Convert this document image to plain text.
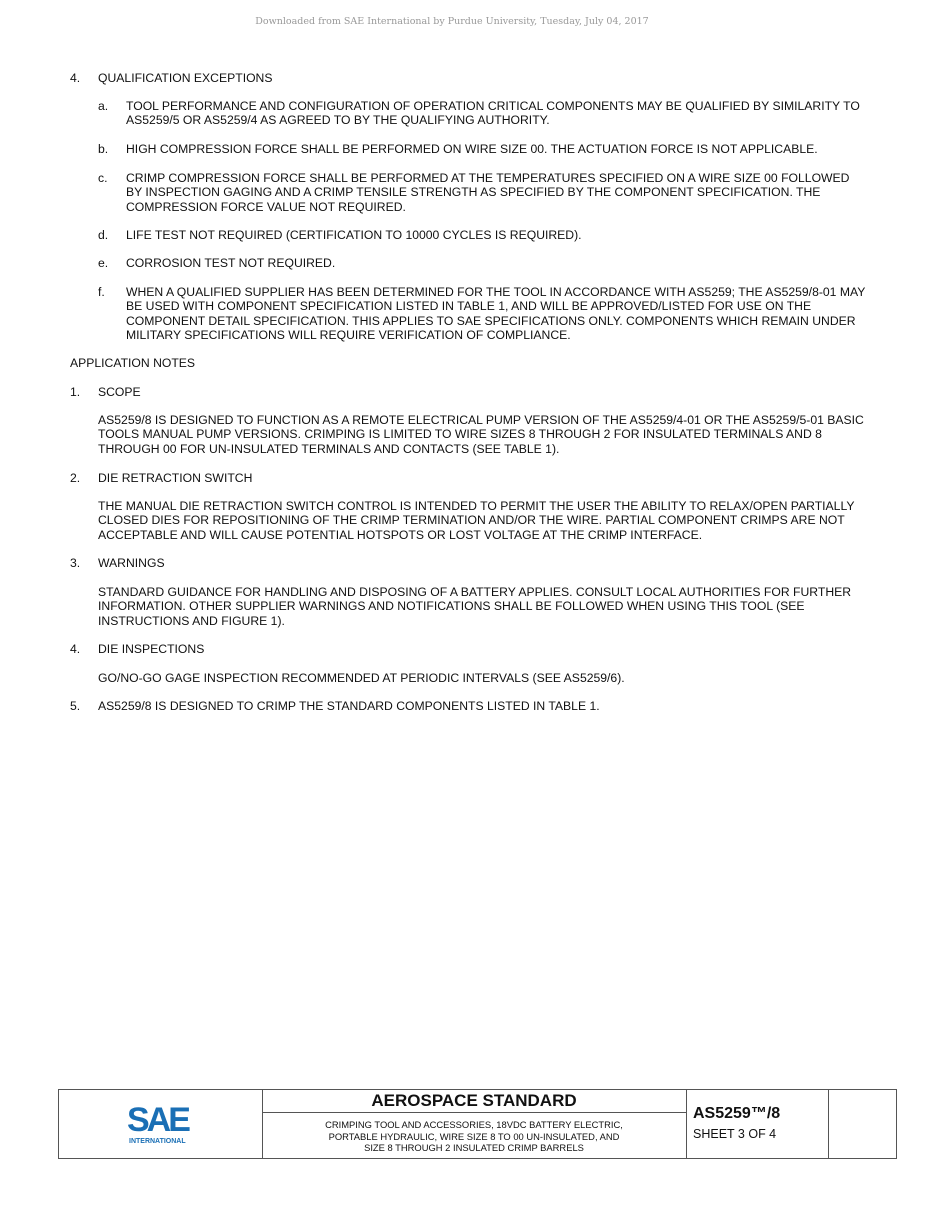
Downloaded from SAE International by Purdue University, Tuesday, July 04, 2017
4. QUALIFICATION EXCEPTIONS
a. TOOL PERFORMANCE AND CONFIGURATION OF OPERATION CRITICAL COMPONENTS MAY BE QUALIFIED BY SIMILARITY TO
AS5259/5 OR AS5259/4 AS AGREED TO BY THE QUALIFYING AUTHORITY.
b. HIGH COMPRESSION FORCE SHALL BE PERFORMED ON WIRE SIZE 00. THE ACTUATION FORCE IS NOT APPLICABLE.
c. CRIMP COMPRESSION FORCE SHALL BE PERFORMED AT THE TEMPERATURES SPECIFIED ON A WIRE SIZE 00 FOLLOWED
BY INSPECTION GAGING AND A CRIMP TENSILE STRENGTH AS SPECIFIED BY THE COMPONENT SPECIFICATION. THE
COMPRESSION FORCE VALUE NOT REQUIRED.
d. LIFE TEST NOT REQUIRED (CERTIFICATION TO 10000 CYCLES IS REQUIRED).
e. CORROSION TEST NOT REQUIRED.
f. WHEN A QUALIFIED SUPPLIER HAS BEEN DETERMINED FOR THE TOOL IN ACCORDANCE WITH AS5259; THE AS5259/8-01 MAY
BE USED WITH COMPONENT SPECIFICATION LISTED IN TABLE 1, AND WILL BE APPROVED/LISTED FOR USE ON THE
COMPONENT DETAIL SPECIFICATION. THIS APPLIES TO SAE SPECIFICATIONS ONLY. COMPONENTS WHICH REMAIN UNDER
MILITARY SPECIFICATIONS WILL REQUIRE VERIFICATION OF COMPLIANCE.
APPLICATION NOTES
1. SCOPE
AS5259/8 IS DESIGNED TO FUNCTION AS A REMOTE ELECTRICAL PUMP VERSION OF THE AS5259/4-01 OR THE AS5259/5-01 BASIC
TOOLS MANUAL PUMP VERSIONS. CRIMPING IS LIMITED TO WIRE SIZES 8 THROUGH 2 FOR INSULATED TERMINALS AND 8
THROUGH 00 FOR UN-INSULATED TERMINALS AND CONTACTS (SEE TABLE 1).
2. DIE RETRACTION SWITCH
THE MANUAL DIE RETRACTION SWITCH CONTROL IS INTENDED TO PERMIT THE USER THE ABILITY TO RELAX/OPEN PARTIALLY
CLOSED DIES FOR REPOSITIONING OF THE CRIMP TERMINATION AND/OR THE WIRE. PARTIAL COMPONENT CRIMPS ARE NOT
ACCEPTABLE AND WILL CAUSE POTENTIAL HOTSPOTS OR LOST VOLTAGE AT THE CRIMP INTERFACE.
3. WARNINGS
STANDARD GUIDANCE FOR HANDLING AND DISPOSING OF A BATTERY APPLIES. CONSULT LOCAL AUTHORITIES FOR FURTHER
INFORMATION. OTHER SUPPLIER WARNINGS AND NOTIFICATIONS SHALL BE FOLLOWED WHEN USING THIS TOOL (SEE
INSTRUCTIONS AND FIGURE 1).
4. DIE INSPECTIONS
GO/NO-GO GAGE INSPECTION RECOMMENDED AT PERIODIC INTERVALS (SEE AS5259/6).
5. AS5259/8 IS DESIGNED TO CRIMP THE STANDARD COMPONENTS LISTED IN TABLE 1.
SAE
INTERNATIONAL
AEROSPACE STANDARD
CRIMPING TOOL AND ACCESSORIES, 18VDC BATTERY ELECTRIC,
PORTABLE HYDRAULIC, WIRE SIZE 8 TO 00 UN-INSULATED, AND
SIZE 8 THROUGH 2 INSULATED CRIMP BARRELS
AS5259™/8
SHEET 3 OF 4
